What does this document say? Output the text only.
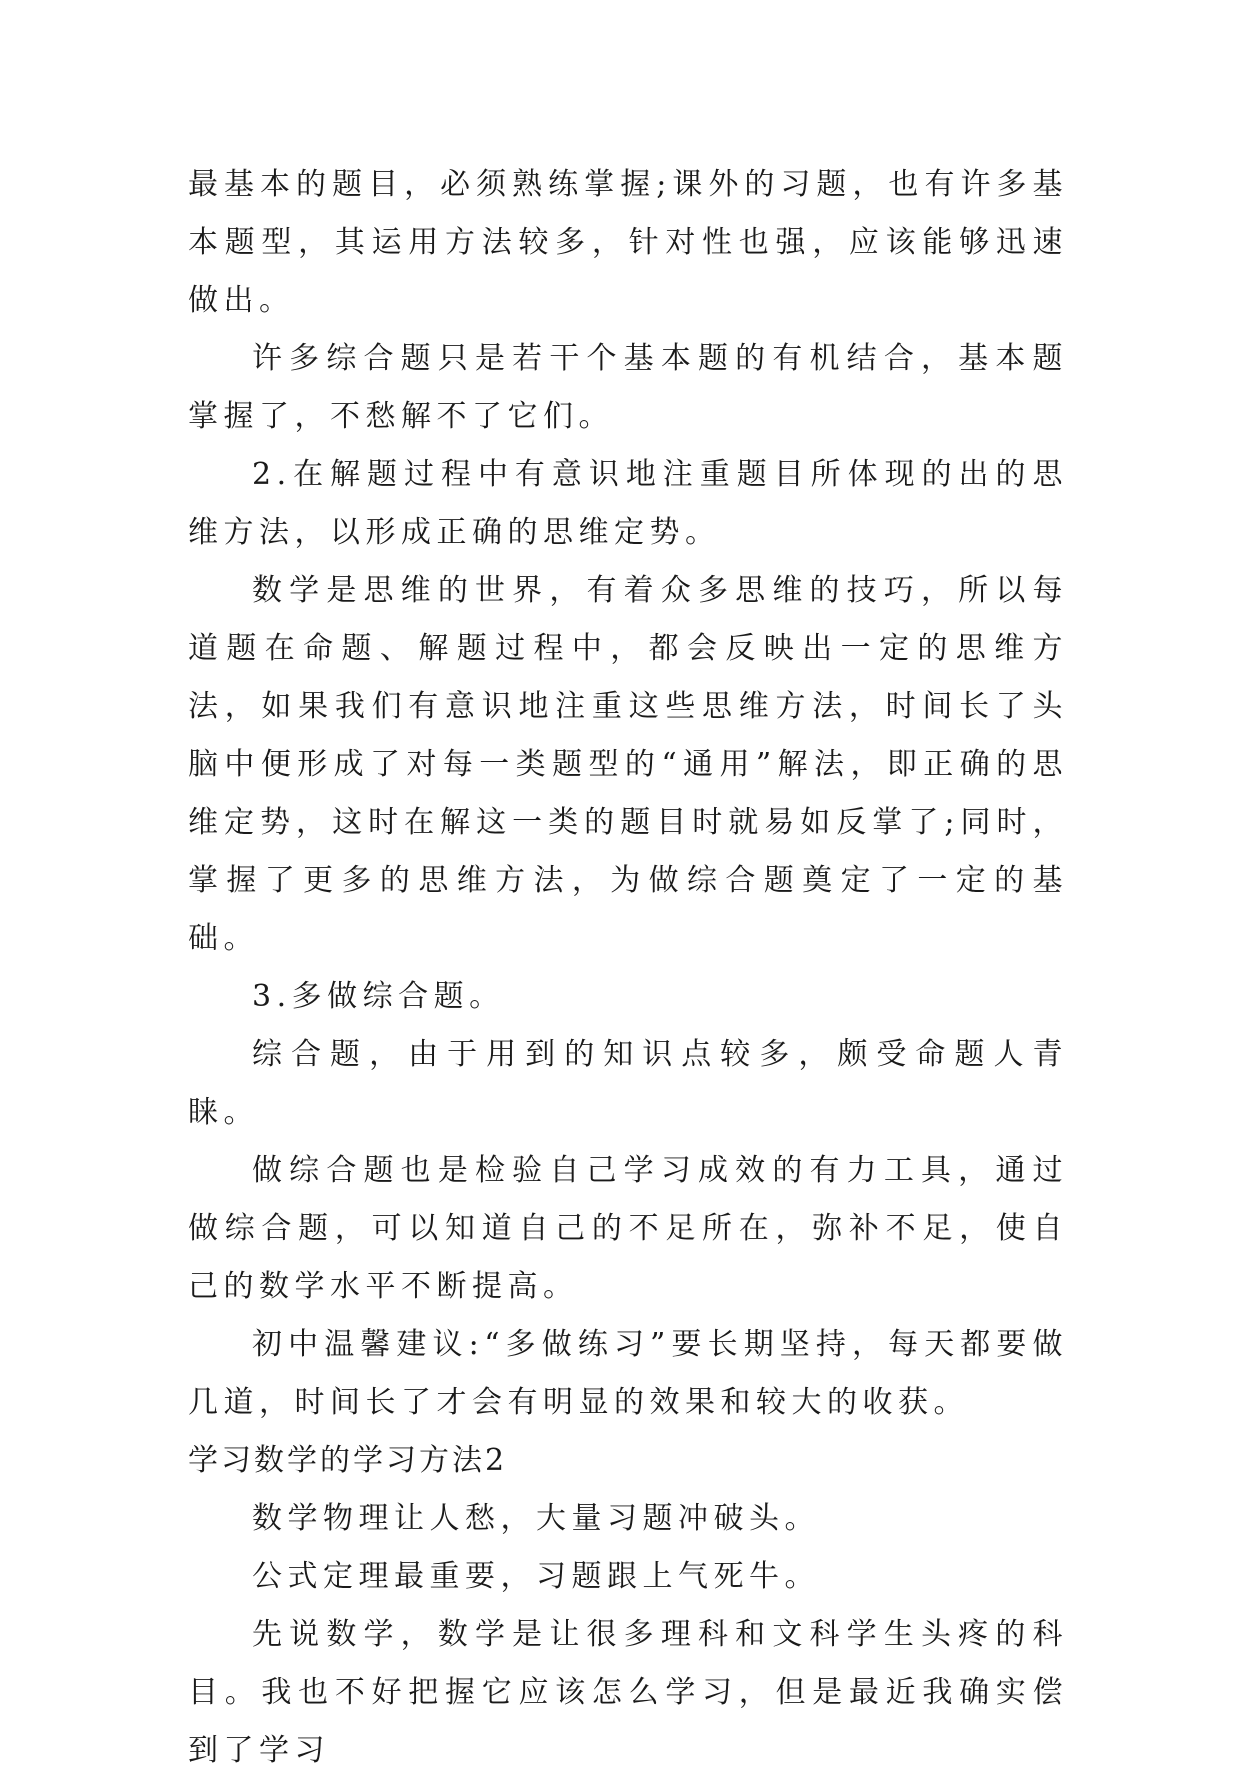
最基本的题目，必须熟练掌握;课外的习题，也有许多基本题型，其运用方法较多，针对性也强，应该能够迅速做出。

许多综合题只是若干个基本题的有机结合，基本题掌握了，不愁解不了它们。

2.在解题过程中有意识地注重题目所体现的出的思维方法，以形成正确的思维定势。

数学是思维的世界，有着众多思维的技巧，所以每道题在命题、解题过程中，都会反映出一定的思维方法，如果我们有意识地注重这些思维方法，时间长了头脑中便形成了对每一类题型的“通用”解法，即正确的思维定势，这时在解这一类的题目时就易如反掌了;同时，掌握了更多的思维方法，为做综合题奠定了一定的基础。

3.多做综合题。

综合题，由于用到的知识点较多，颇受命题人青睐。

做综合题也是检验自己学习成效的有力工具，通过做综合题，可以知道自己的不足所在，弥补不足，使自己的数学水平不断提高。

初中温馨建议:“多做练习”要长期坚持，每天都要做几道，时间长了才会有明显的效果和较大的收获。

学习数学的学习方法2

数学物理让人愁，大量习题冲破头。

公式定理最重要，习题跟上气死牛。

先说数学，数学是让很多理科和文科学生头疼的科目。我也不好把握它应该怎么学习，但是最近我确实偿到了学习
